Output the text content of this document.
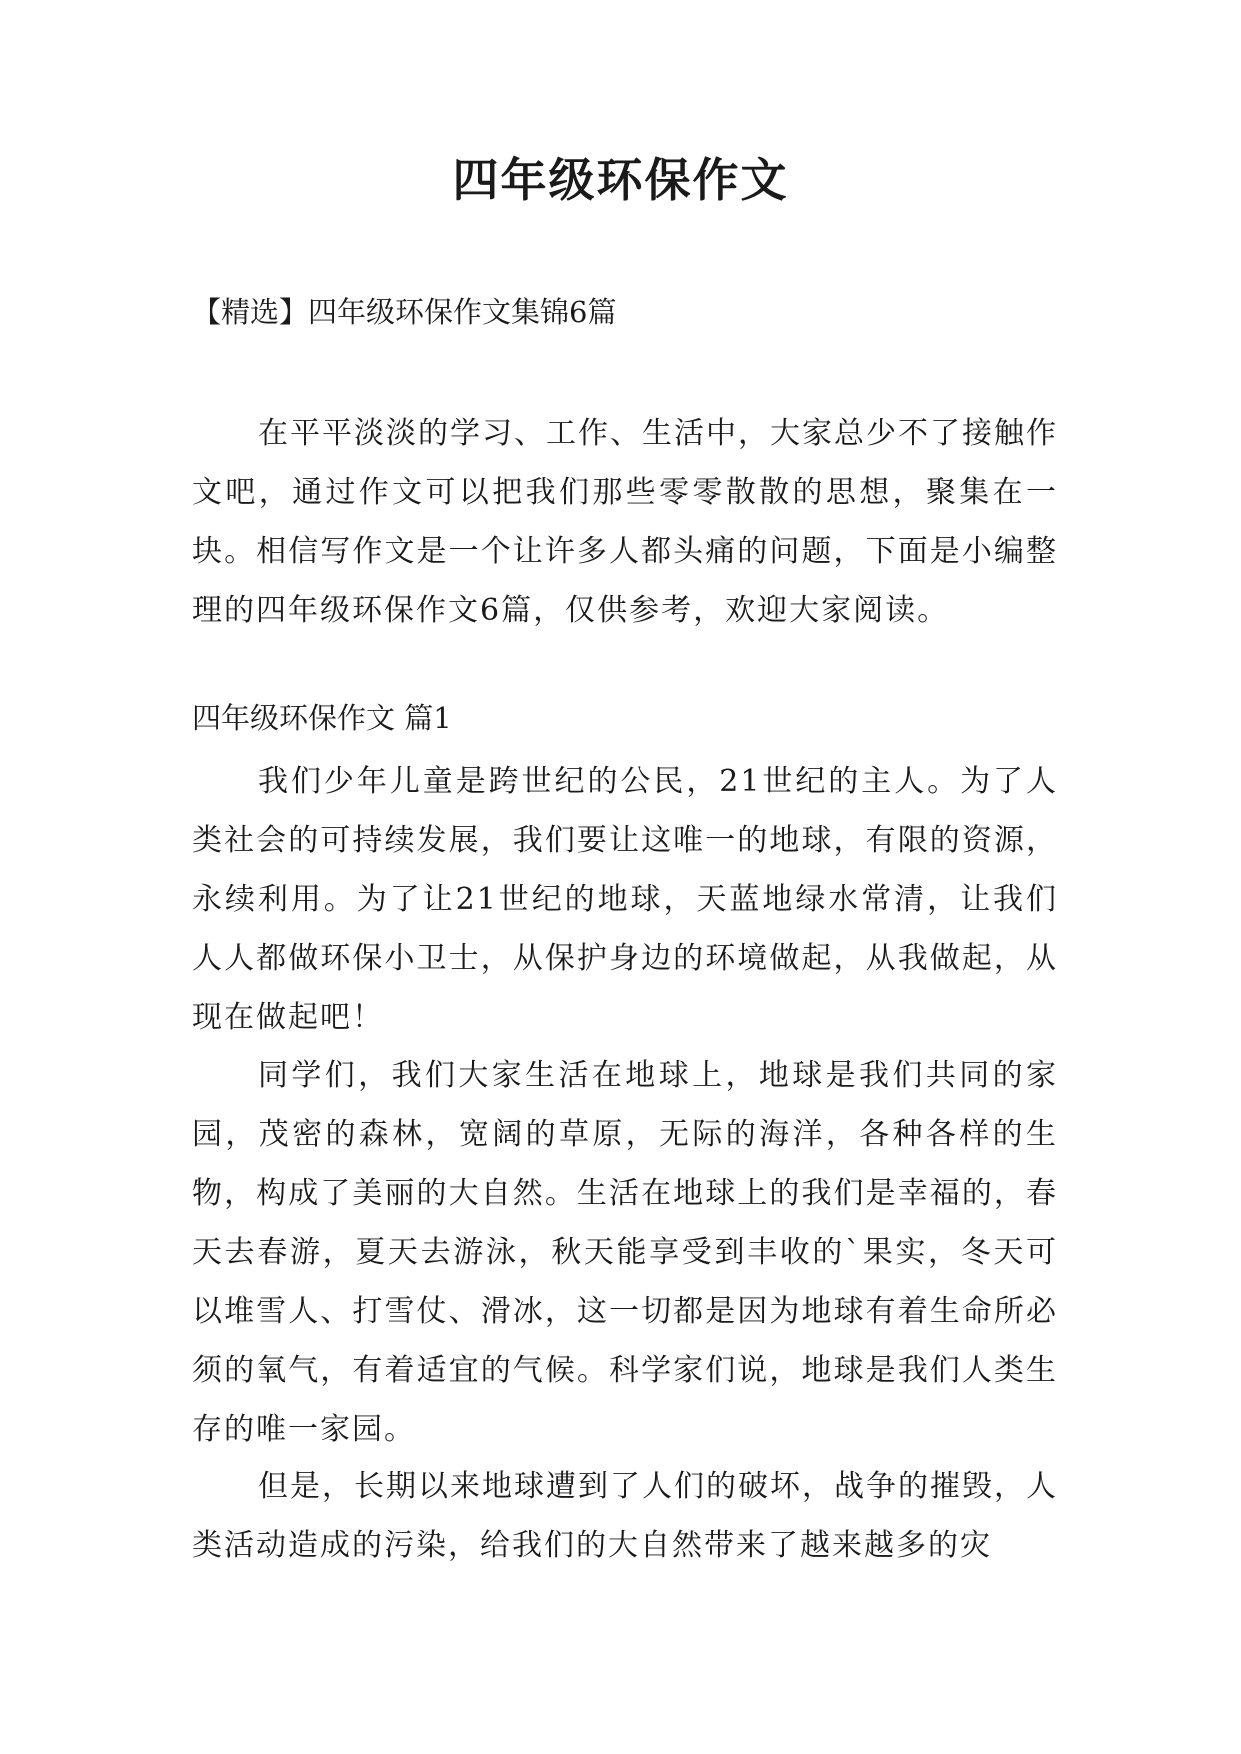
四年级环保作文

【精选】四年级环保作文集锦6篇

在平平淡淡的学习、工作、生活中，大家总少不了接触作文吧，通过作文可以把我们那些零零散散的思想，聚集在一块。相信写作文是一个让许多人都头痛的问题，下面是小编整理的四年级环保作文6篇，仅供参考，欢迎大家阅读。

四年级环保作文 篇1

我们少年儿童是跨世纪的公民，21世纪的主人。为了人类社会的可持续发展，我们要让这唯一的地球，有限的资源，永续利用。为了让21世纪的地球，天蓝地绿水常清，让我们人人都做环保小卫士，从保护身边的环境做起，从我做起，从现在做起吧！

同学们，我们大家生活在地球上，地球是我们共同的家园，茂密的森林，宽阔的草原，无际的海洋，各种各样的生物，构成了美丽的大自然。生活在地球上的我们是幸福的，春天去春游，夏天去游泳，秋天能享受到丰收的`果实，冬天可以堆雪人、打雪仗、滑冰，这一切都是因为地球有着生命所必须的氧气，有着适宜的气候。科学家们说，地球是我们人类生存的唯一家园。

但是，长期以来地球遭到了人们的破坏，战争的摧毁，人类活动造成的污染，给我们的大自然带来了越来越多的灾
